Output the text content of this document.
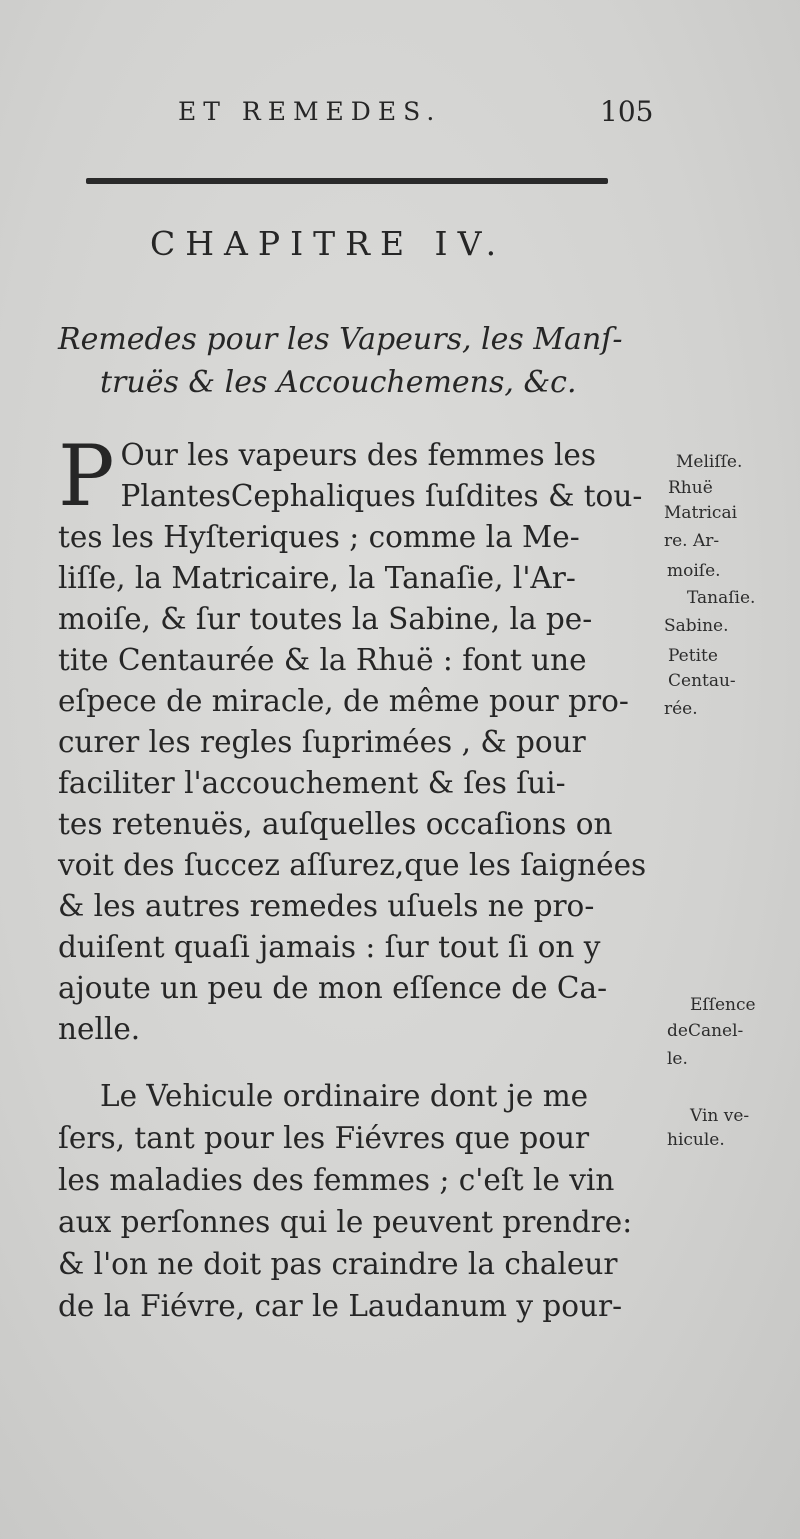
ET REMEDES.	105
CHAPITRE IV.
Remedes pour les Vapeurs, les Manſ-
truës & les Accouchemens, &c.
P Our les vapeurs des femmes les
PlantesCephaliques ſuſdites & tou-
tes les Hyſteriques ; comme la Me-
liſſe, la Matricaire, la Tanaſie, l'Ar-
moiſe, & ſur toutes la Sabine, la pe-
tite Centaurée & la Rhuë : font une
eſpece de miracle, de même pour pro-
curer les regles ſuprimées , & pour
faciliter l'accouchement & ſes ſui-
tes retenuës, auſquelles occaſions on
voit des ſuccez aſſurez,que les ſaignées
& les autres remedes uſuels ne pro-
duiſent quaſi jamais : ſur tout ſi on y
ajoute un peu de mon eſſence de Ca-
nelle.
Le Vehicule ordinaire dont je me
ſers, tant pour les Fiévres que pour
les maladies des femmes ; c'eſt le vin
aux perſonnes qui le peuvent prendre:
& l'on ne doit pas craindre la chaleur
de la Fiévre, car le Laudanum y pour-
Meliſſe.
Rhuë
Matricai
re. Ar-
moiſe.
Tanaſie.
Sabine.
Petite
Centau-
rée.
Eſſence
deCanel-
le.
Vin ve-
hicule.
